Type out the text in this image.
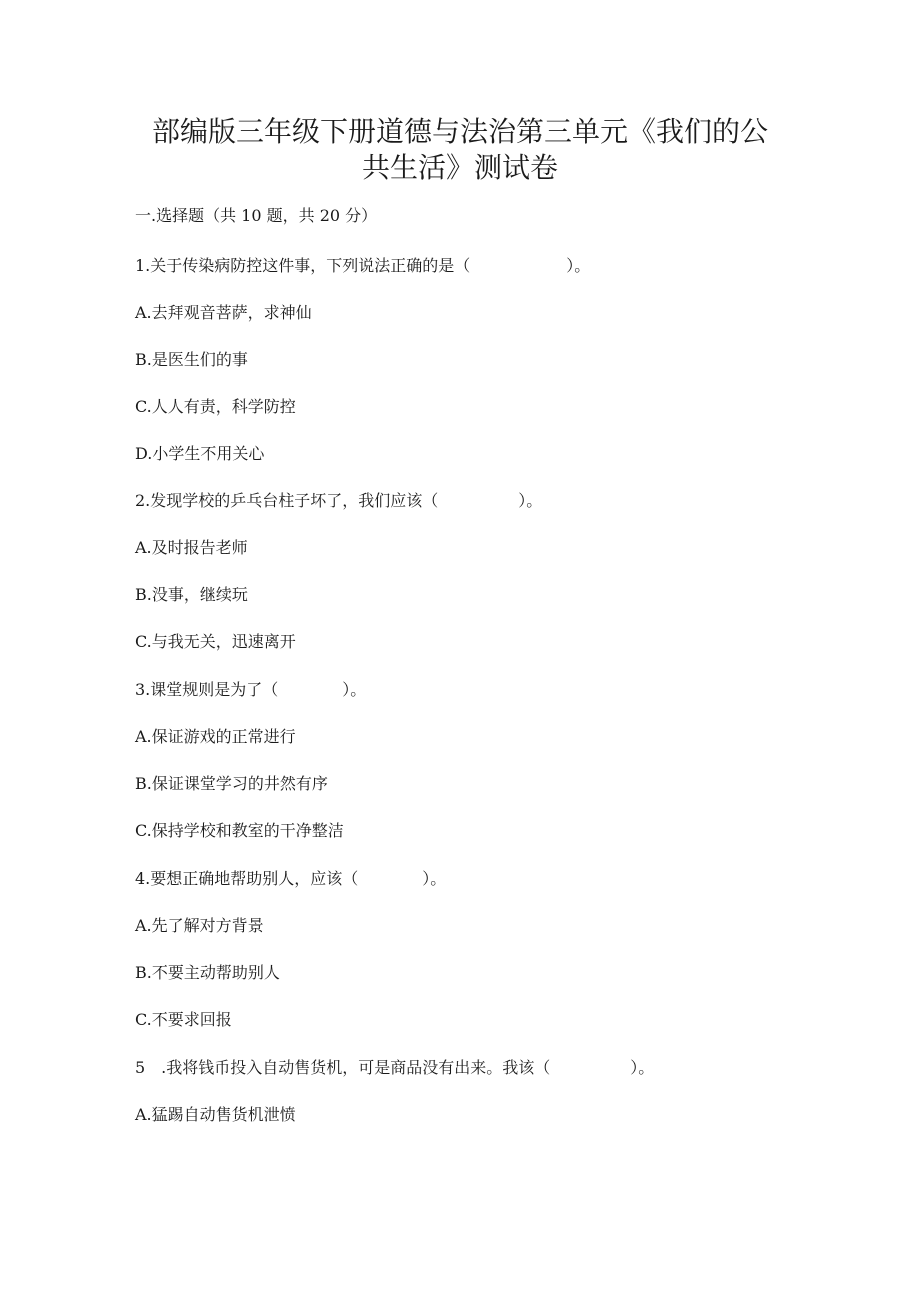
部编版三年级下册道德与法治第三单元《我们的公
共生活》测试卷

一.选择题（共 10 题，共 20 分）

1.关于传染病防控这件事，下列说法正确的是（　　　　　　）。

A.去拜观音菩萨，求神仙

B.是医生们的事

C.人人有责，科学防控

D.小学生不用关心

2.发现学校的乒乓台柱子坏了，我们应该（　　　　　）。

A.及时报告老师

B.没事，继续玩

C.与我无关，迅速离开

3.课堂规则是为了（　　　　）。

A.保证游戏的正常进行

B.保证课堂学习的井然有序

C.保持学校和教室的干净整洁

4.要想正确地帮助别人，应该（　　　　）。

A.先了解对方背景

B.不要主动帮助别人

C.不要求回报

5　.我将钱币投入自动售货机，可是商品没有出来。我该（　　　　　）。

A.猛踢自动售货机泄愤
